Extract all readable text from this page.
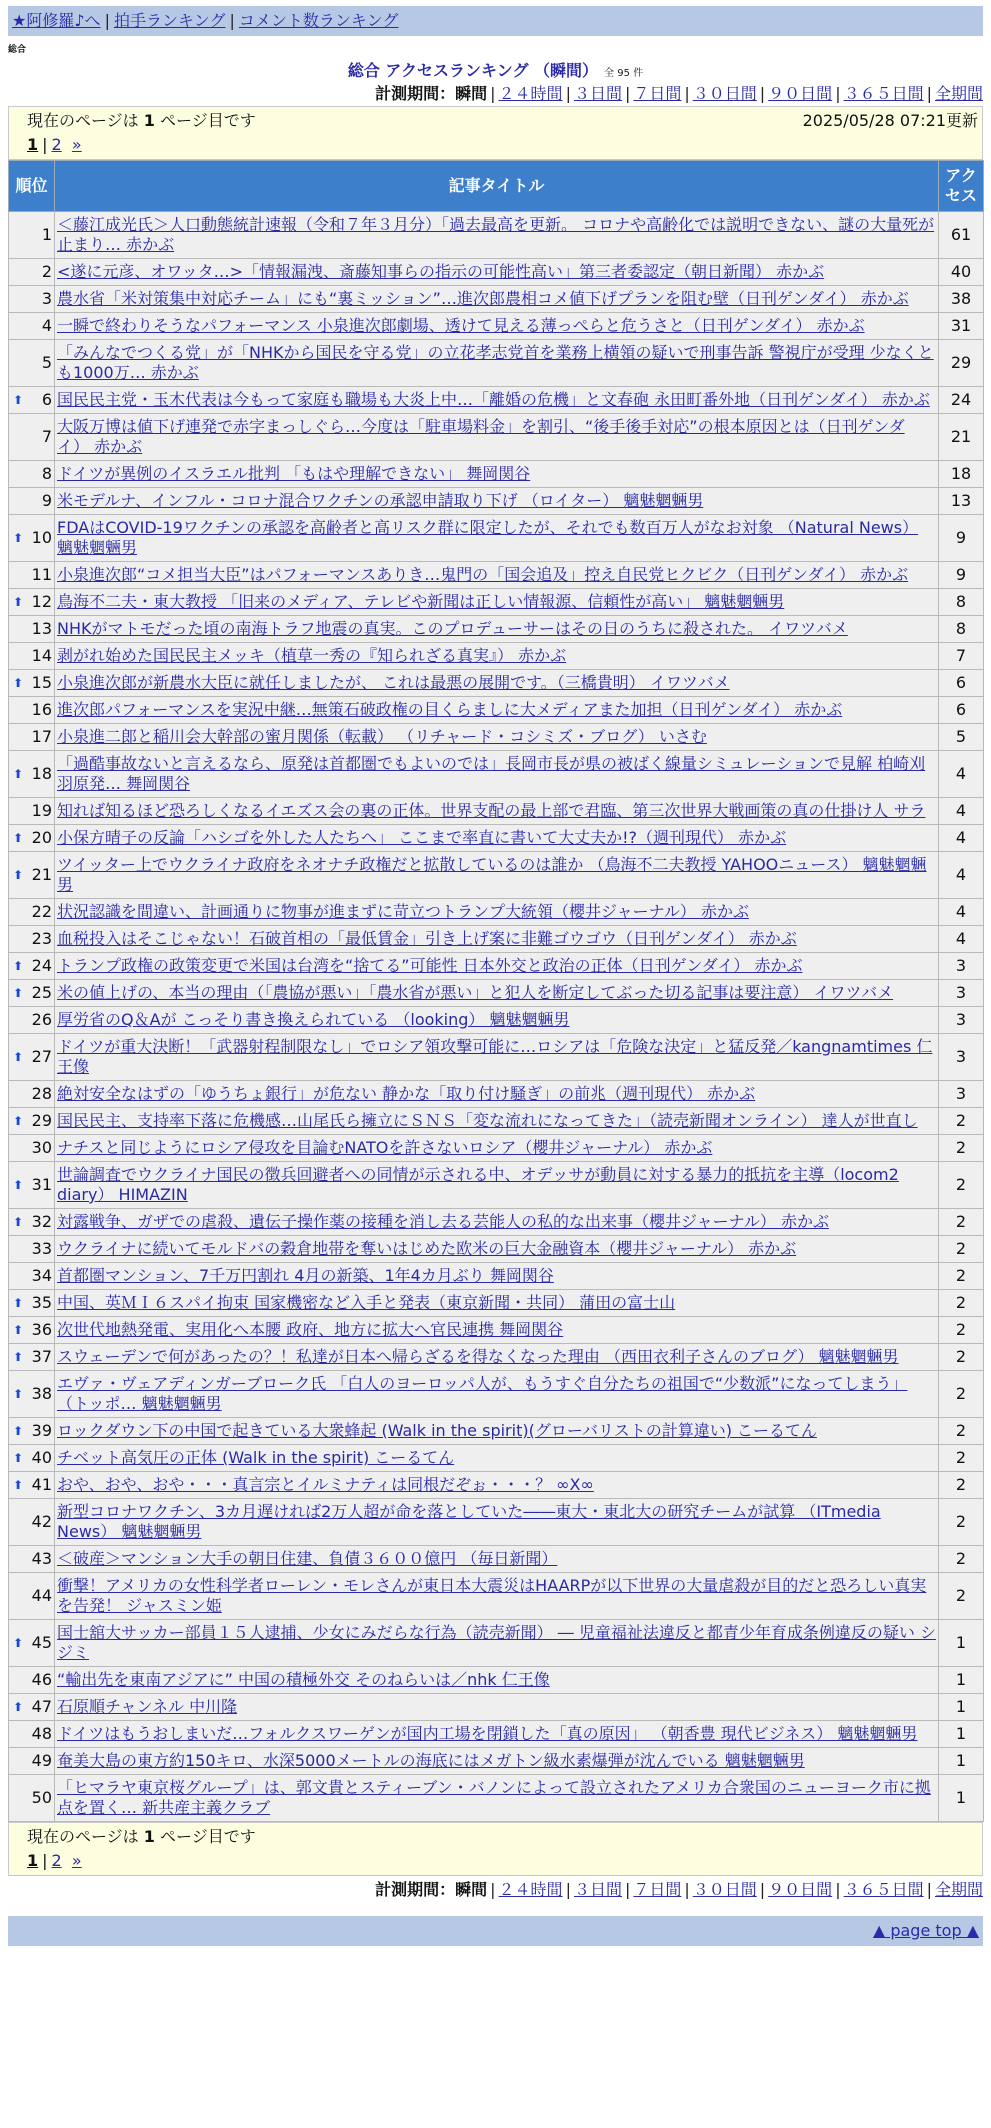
★阿修羅♪へ | 拍手ランキング | コメント数ランキング
総合
総合 アクセスランキング （瞬間） 全 95 件
計測期間：瞬間 | ２４時間 | ３日間 | ７日間 | ３０日間 | ９０日間 | ３６５日間 | 全期間
現在のページは 1 ページ目です	2025/05/28 07:21更新
1 | 2 »
順位	記事タイトル	アクセス
1	＜藤江成光氏＞人口動態統計速報（令和７年３月分）「過去最高を更新。 コロナや高齢化では説明できない、謎の大量死が止まり… 赤かぶ	61
2	<遂に元彦、オワッタ…>「情報漏洩、斎藤知事らの指示の可能性高い」第三者委認定（朝日新聞） 赤かぶ	40
3	農水省「米対策集中対応チーム」にも“裏ミッション”…進次郎農相コメ値下げプランを阻む壁（日刊ゲンダイ） 赤かぶ	38
4	一瞬で終わりそうなパフォーマンス 小泉進次郎劇場、透けて見える薄っぺらと危うさと（日刊ゲンダイ） 赤かぶ	31
5	「みんなでつくる党」が「NHKから国民を守る党」の立花孝志党首を業務上横領の疑いで刑事告訴 警視庁が受理 少なくとも1000万… 赤かぶ	29

⬆ 6	国民民主党・玉木代表は今もって家庭も職場も大炎上中…「離婚の危機」と文春砲 永田町番外地（日刊ゲンダイ） 赤かぶ	24
7	大阪万博は値下げ連発で赤字まっしぐら…今度は「駐車場料金」を割引、“後手後手対応”の根本原因とは（日刊ゲンダイ） 赤かぶ	21
8	ドイツが異例のイスラエル批判 「もはや理解できない」 舞岡関谷	18
9	米モデルナ、インフル・コロナ混合ワクチンの承認申請取り下げ （ロイター） 魑魅魍魎男	13

⬆ 10	FDAはCOVID-19ワクチンの承認を高齢者と高リスク群に限定したが、それでも数百万人がなお対象 （Natural News） 魑魅魍魎男	9
11	小泉進次郎“コメ担当大臣”はパフォーマンスありき…鬼門の「国会追及」控え自民党ヒクビク（日刊ゲンダイ） 赤かぶ	9

⬆ 12	鳥海不二夫・東大教授 「旧来のメディア、テレビや新聞は正しい情報源、信頼性が高い」 魑魅魍魎男	8
13	NHKがマトモだった頃の南海トラフ地震の真実。このプロデューサーはその日のうちに殺された。 イワツバメ	8
14	剥がれ始めた国民民主メッキ（植草一秀の『知られざる真実』） 赤かぶ	7

⬆ 15	小泉進次郎が新農水大臣に就任しましたが、 これは最悪の展開です。（三橋貴明） イワツバメ	6
16	進次郎パフォーマンスを実況中継…無策石破政権の目くらましに大メディアまた加担（日刊ゲンダイ） 赤かぶ	6
17	小泉進二郎と稲川会大幹部の蜜月関係（転載） （リチャード・コシミズ・ブログ） いさむ	5

⬆ 18	「過酷事故ないと言えるなら、原発は首都圏でもよいのでは」長岡市長が県の被ばく線量シミュレーションで見解 柏崎刈羽原発… 舞岡関谷	4
19	知れば知るほど恐ろしくなるイエズス会の裏の正体。世界支配の最上部で君臨、第三次世界大戦画策の真の仕掛け人 サラ	4

⬆ 20	小保方晴子の反論「ハシゴを外した人たちへ」 ここまで率直に書いて大丈夫か!?（週刊現代） 赤かぶ	4

⬆ 21	ツイッター上でウクライナ政府をネオナチ政権だと拡散しているのは誰か （鳥海不二夫教授 YAHOOニュース） 魑魅魍魎男	4
22	状況認識を間違い、計画通りに物事が進まずに苛立つトランプ大統領（櫻井ジャーナル） 赤かぶ	4
23	血税投入はそこじゃない！石破首相の「最低賃金」引き上げ案に非難ゴウゴウ（日刊ゲンダイ） 赤かぶ	4

⬆ 24	トランプ政権の政策変更で米国は台湾を“捨てる”可能性 日本外交と政治の正体（日刊ゲンダイ） 赤かぶ	3

⬆ 25	米の値上げの、本当の理由（「農協が悪い」「農水省が悪い」と犯人を断定してぶった切る記事は要注意） イワツバメ	3
26	厚労省のQ＆Aが こっそり書き換えられている （looking） 魑魅魍魎男	3

⬆ 27	ドイツが重大決断！「武器射程制限なし」でロシア領攻撃可能に…ロシアは「危険な決定」と猛反発／kangnamtimes 仁王像	3
28	絶対安全なはずの「ゆうちょ銀行」が危ない 静かな「取り付け騒ぎ」の前兆（週刊現代） 赤かぶ	3

⬆ 29	国民民主、支持率下落に危機感…山尾氏ら擁立にＳＮＳ「変な流れになってきた」（読売新聞オンライン） 達人が世直し	2
30	ナチスと同じようにロシア侵攻を目論むNATOを許さないロシア（櫻井ジャーナル） 赤かぶ	2

⬆ 31	世論調査でウクライナ国民の徴兵回避者への同情が示される中、オデッサが動員に対する暴力的抵抗を主導（locom2 diary） HIMAZIN	2

⬆ 32	対露戦争、ガザでの虐殺、遺伝子操作薬の接種を消し去る芸能人の私的な出来事（櫻井ジャーナル） 赤かぶ	2
33	ウクライナに続いてモルドバの穀倉地帯を奪いはじめた欧米の巨大金融資本（櫻井ジャーナル） 赤かぶ	2
34	首都圏マンション、7千万円割れ 4月の新築、1年4カ月ぶり 舞岡関谷	2

⬆ 35	中国、英ＭＩ６スパイ拘束 国家機密など入手と発表（東京新聞・共同） 蒲田の富士山	2

⬆ 36	次世代地熱発電、実用化へ本腰 政府、地方に拡大へ官民連携 舞岡関谷	2

⬆ 37	スウェーデンで何があったの？！私達が日本へ帰らざるを得なくなった理由 （西田衣利子さんのブログ） 魑魅魍魎男	2

⬆ 38	エヴァ・ヴェアディンガーブローク氏 「白人のヨーロッパ人が、もうすぐ自分たちの祖国で“少数派”になってしまう」 （トッポ… 魑魅魍魎男	2

⬆ 39	ロックダウン下の中国で起きている大衆蜂起 (Walk in the spirit)(グローバリストの計算違い) こーるてん	2

⬆ 40	チベット高気圧の正体 (Walk in the spirit) こーるてん	2

⬆ 41	おや、おや、おや・・・真言宗とイルミナティは同根だぞぉ・・・？ ∞X∞	2
42	新型コロナワクチン、3カ月遅ければ2万人超が命を落としていた――東大・東北大の研究チームが試算 （ITmedia News） 魑魅魍魎男	2
43	＜破産＞マンション大手の朝日住建、負債３６００億円 （毎日新聞）	2
44	衝撃！アメリカの女性科学者ローレン・モレさんが東日本大震災はHAARPが以下世界の大量虐殺が目的だと恐ろしい真実を告発！ ジャスミン姫	2

⬆ 45	国士舘大サッカー部員１５人逮捕、少女にみだらな行為（読売新聞） ― 児童福祉法違反と都青少年育成条例違反の疑い シジミ	1
46	“輸出先を東南アジアに” 中国の積極外交 そのねらいは／nhk 仁王像	1

⬆ 47	石原順チャンネル 中川隆	1
48	ドイツはもうおしまいだ…フォルクスワーゲンが国内工場を閉鎖した「真の原因」 （朝香豊 現代ビジネス） 魑魅魍魎男	1
49	奄美大島の東方約150キロ、水深5000メートルの海底にはメガトン級水素爆弾が沈んでいる 魑魅魍魎男	1
50	「ヒマラヤ東京桜グループ」は、郭文貴とスティーブン・バノンによって設立されたアメリカ合衆国のニューヨーク市に拠点を置く… 新共産主義クラブ	1
現在のページは 1 ページ目です
1 | 2 »
計測期間：瞬間 | ２４時間 | ３日間 | ７日間 | ３０日間 | ９０日間 | ３６５日間 | 全期間
▲ page top ▲
